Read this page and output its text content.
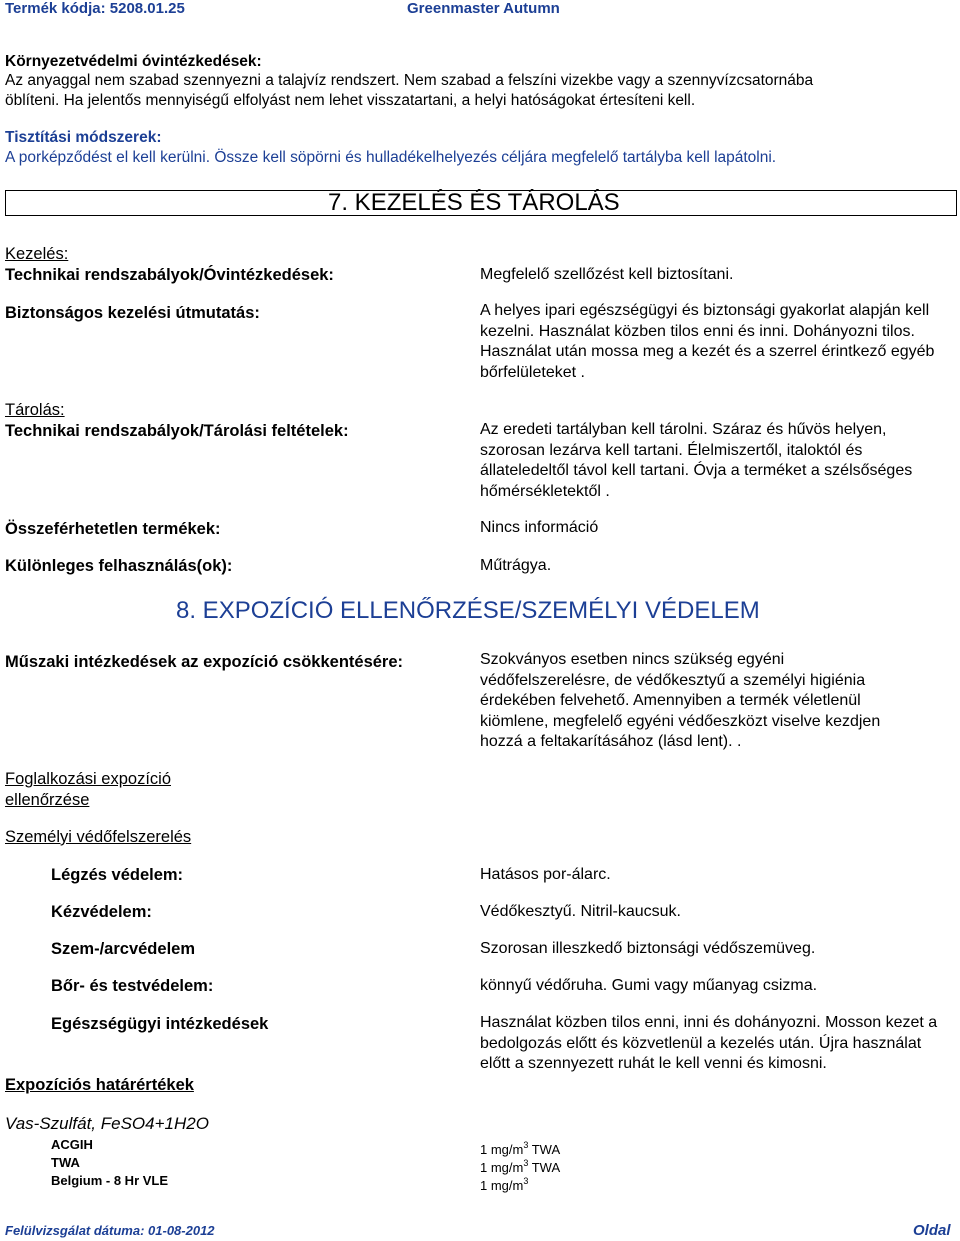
Termék kódja: 5208.01.25	Greenmaster Autumn
Környezetvédelmi óvintézkedések:
Az anyaggal nem szabad szennyezni a talajvíz rendszert. Nem szabad a felszíni vizekbe vagy a szennyvízcsatornába
öblíteni. Ha jelentős mennyiségű elfolyást nem lehet visszatartani, a helyi hatóságokat értesíteni kell.
Tisztítási módszerek:
A porképződést el kell kerülni. Össze kell söpörni és hulladékelhelyezés céljára megfelelő tartályba kell lapátolni.
7. KEZELÉS ÉS TÁROLÁS
Kezelés:
Technikai rendszabályok/Óvintézkedések:	Megfelelő szellőzést kell biztosítani.
Biztonságos kezelési útmutatás:	A helyes ipari egészségügyi és biztonsági gyakorlat alapján kell kezelni. Használat közben tilos enni és inni. Dohányozni tilos. Használat után mossa meg a kezét és a szerrel érintkező egyéb bőrfelületeket .
Tárolás:
Technikai rendszabályok/Tárolási feltételek:	Az eredeti tartályban kell tárolni. Száraz és hűvös helyen, szorosan lezárva kell tartani. Élelmiszertől, italoktól és állateledeltől távol kell tartani. Óvja a terméket a szélsőséges hőmérsékletektől .
Összeférhetetlen termékek:	Nincs információ
Különleges felhasználás(ok):	Műtrágya.
8. EXPOZÍCIÓ ELLENŐRZÉSE/SZEMÉLYI VÉDELEM
Műszaki intézkedések az expozíció csökkentésére:	Szokványos esetben nincs szükség egyéni védőfelszerelésre, de védőkesztyű a személyi higiénia érdekében felvehető. Amennyiben a termék véletlenül kiömlene, megfelelő egyéni védőeszközt viselve kezdjen hozzá a feltakarításához (lásd lent). .
Foglalkozási expozíció
ellenőrzése
Személyi védőfelszerelés
Légzés védelem:	Hatásos por-álarc.
Kézvédelem:	Védőkesztyű. Nitril-kaucsuk.
Szem-/arcvédelem	Szorosan illeszkedő biztonsági védőszemüveg.
Bőr- és testvédelem:	könnyű védőruha. Gumi vagy műanyag csizma.
Egészségügyi intézkedések	Használat közben tilos enni, inni és dohányozni. Mosson kezet a bedolgozás előtt és közvetlenül a kezelés után. Újra használat előtt a szennyezett ruhát le kell venni és kimosni.
Expozíciós határértékek
Vas-Szulfát, FeSO4+1H2O
ACGIH	1 $mg/m^3$ TWA
TWA	1 $mg/m^3$ TWA
Belgium - 8 Hr VLE	1 $mg/m^3$
Felülvizsgálat dátuma: 01-08-2012	Oldal
